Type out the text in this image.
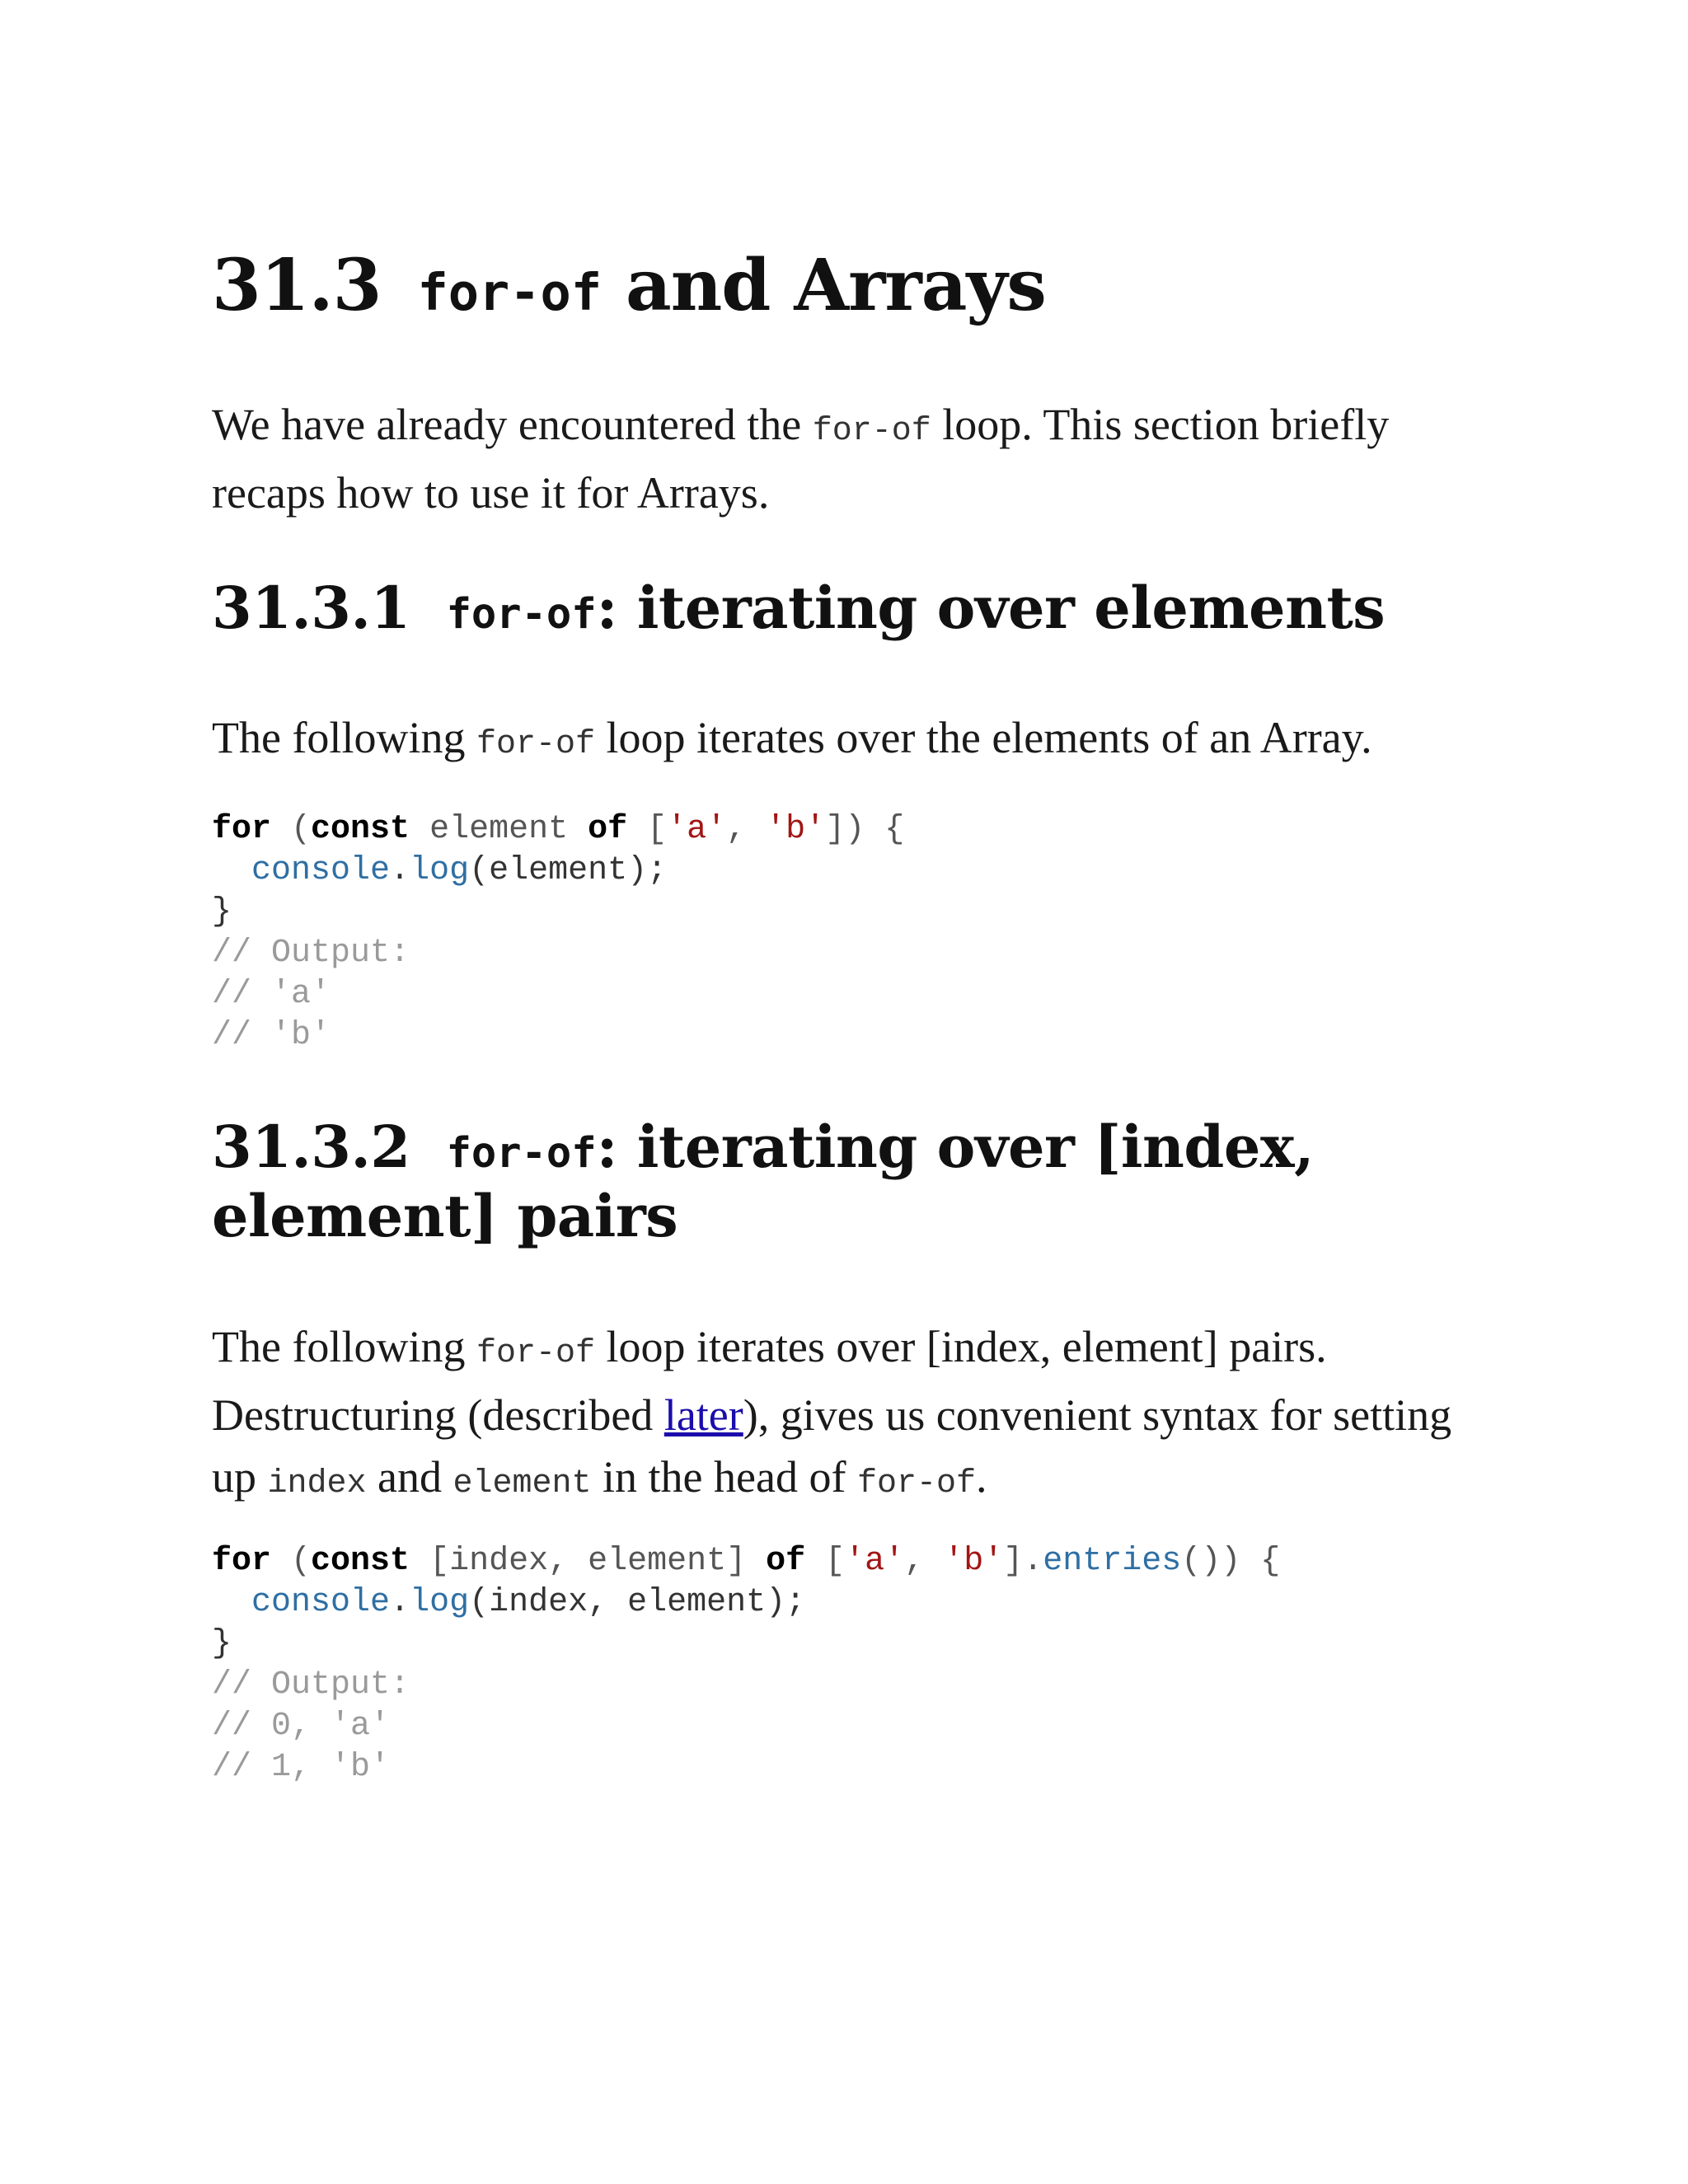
31.3 for-of and Arrays

We have already encountered the for-of loop. This section briefly recaps how to use it for Arrays.

31.3.1 for-of: iterating over elements

The following for-of loop iterates over the elements of an Array.

for (const element of ['a', 'b']) {
console.log(element);
}
// Output:
// 'a'
// 'b'
31.3.2 for-of: iterating over [index,
element] pairs

The following for-of loop iterates over [index, element] pairs. Destructuring (described later), gives us convenient syntax for setting up index and element in the head of for-of.

for (const [index, element] of ['a', 'b'].entries()) {
console.log(index, element);
}
// Output:
// 0, 'a'
// 1, 'b'
